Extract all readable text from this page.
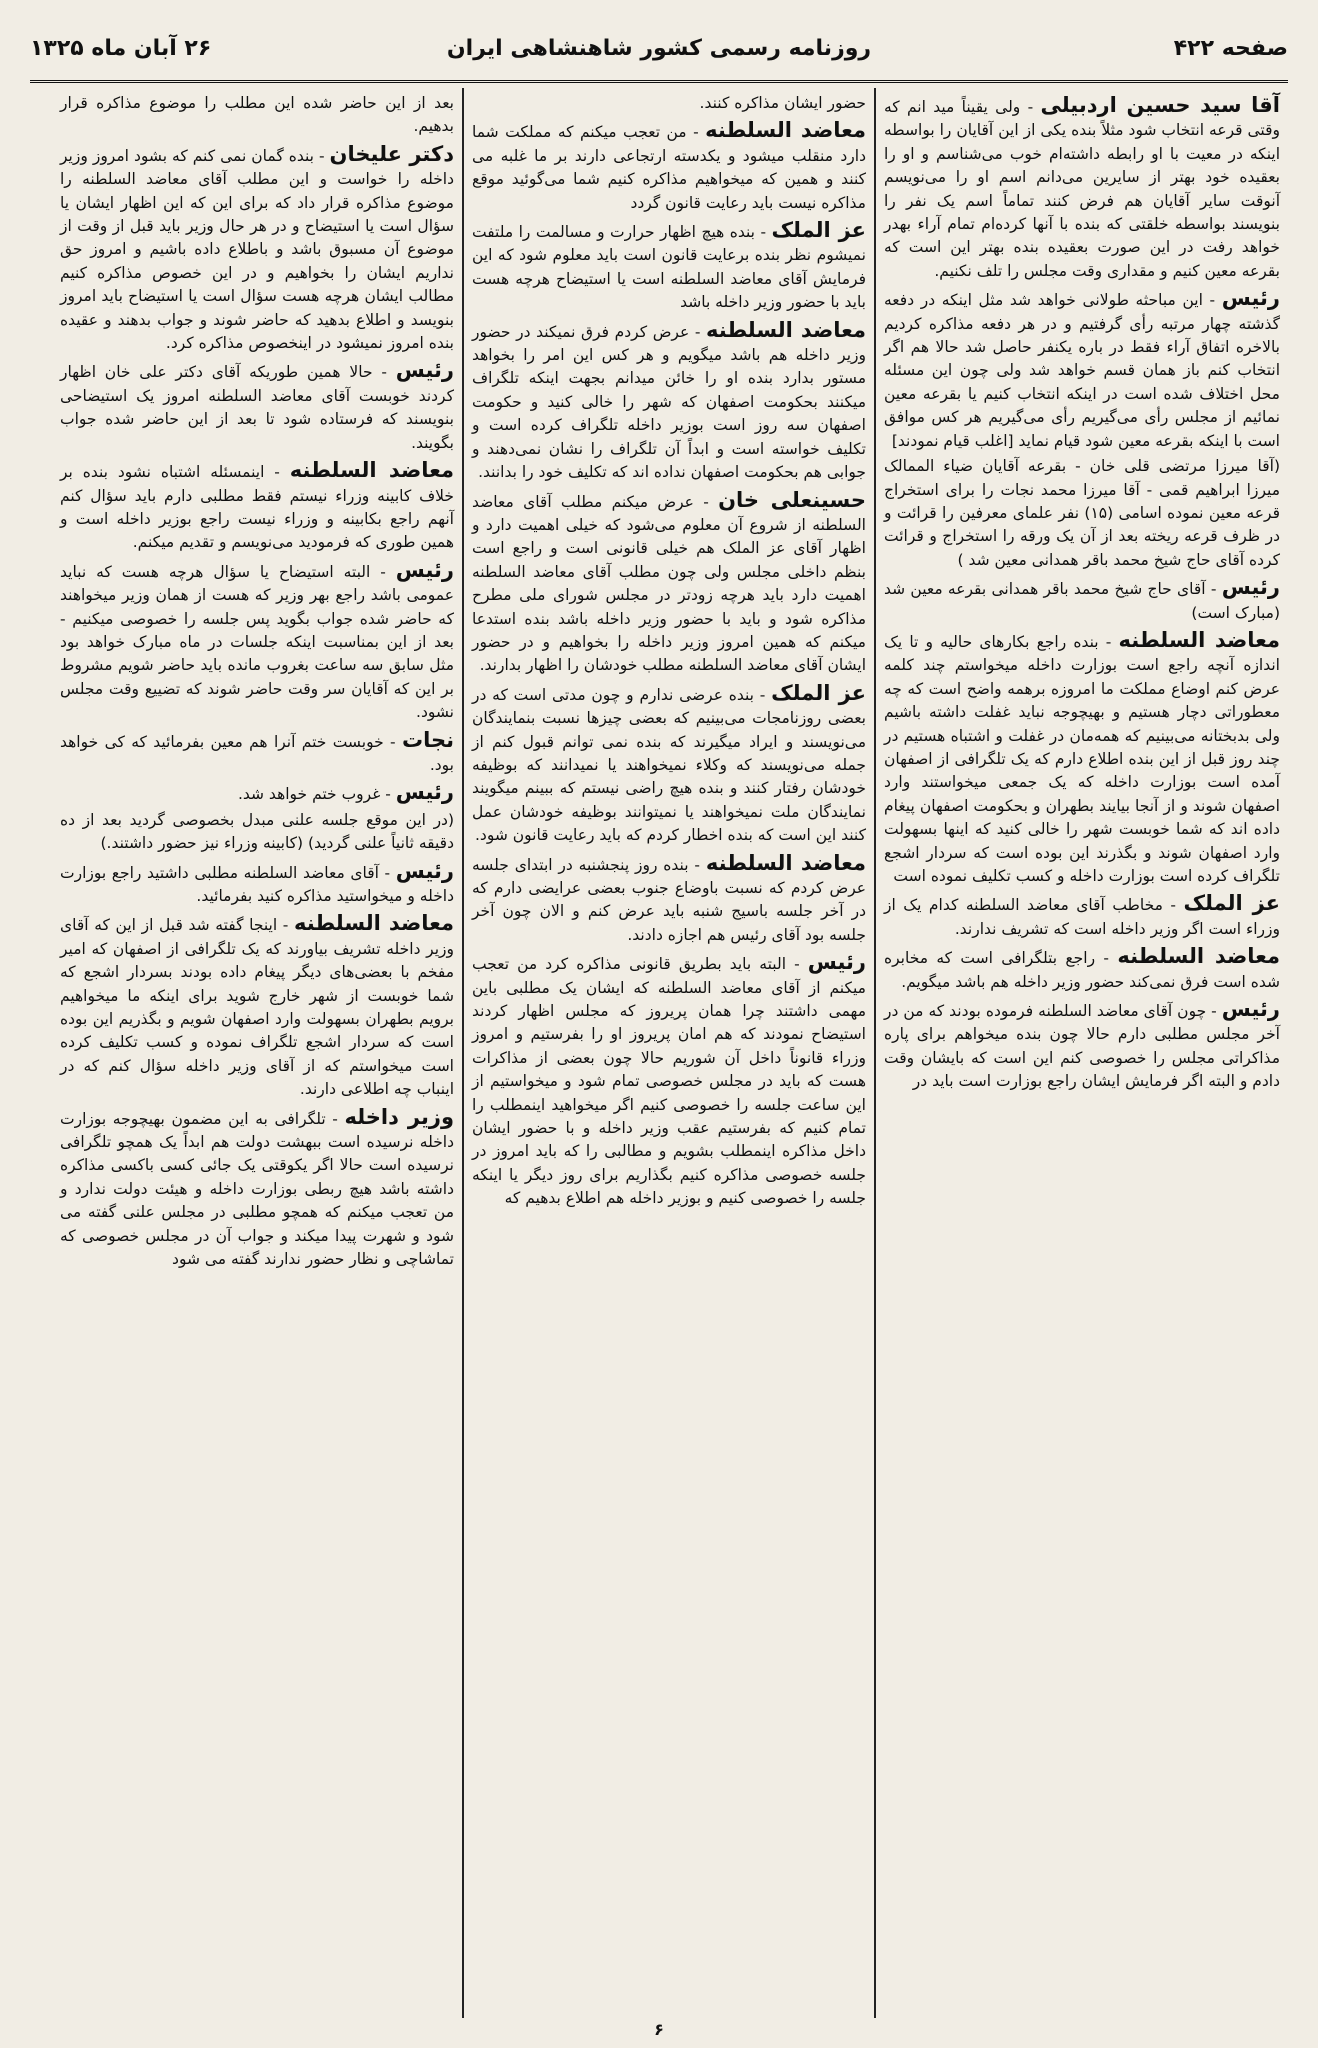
صفحه ۴۲۲
روزنامه رسمی کشور شاهنشاهی ایران
۲۶ آبان ماه ۱۳۲۵

آقا سید حسین اردبیلی - ولی یقیناً مید انم که وقتی قرعه انتخاب شود مثلاً بنده یکی از این آقایان را بواسطه اینکه در معیت با او رابطه داشته‌ام خوب می‌شناسم و او را بعقیده خود بهتر از سایرین می‌دانم اسم او را می‌نویسم آنوقت سایر آقایان هم فرض کنند تماماً اسم یک نفر را بنویسند بواسطه خلقتی که بنده با آنها کرده‌ام تمام آراء بهدر خواهد رفت در این صورت بعقیده بنده بهتر این است که بقرعه معین کنیم و مقداری وقت مجلس را تلف نکنیم.

رئیس - این مباحثه طولانی خواهد شد مثل اینکه در دفعه گذشته چهار مرتبه رأی گرفتیم و در هر دفعه مذاکره کردیم بالاخره اتفاق آراء فقط در باره یکنفر حاصل شد حالا هم اگر انتخاب کنم باز همان قسم خواهد شد ولی چون این مسئله محل اختلاف شده است در اینکه انتخاب کنیم یا بقرعه معین نمائیم از مجلس رأی می‌گیریم رأی می‌گیریم هر کس موافق است با اینکه بقرعه معین شود قیام نماید [اغلب قیام نمودند]

(آقا میرزا مرتضی قلی خان - بقرعه آقایان ضیاء الممالک میرزا ابراهیم قمی - آقا میرزا محمد نجات را برای استخراج قرعه معین نموده اسامی (۱۵) نفر علمای معرفین را قرائت و در ظرف قرعه ریخته بعد از آن یک ورقه را استخراج و قرائت کرده آقای حاج شیخ محمد باقر همدانی معین شد )

رئیس - آقای حاج شیخ محمد باقر همدانی بقرعه معین شد (مبارک است)

معاضد السلطنه - بنده راجع بکارهای حالیه و تا یک اندازه آنچه راجع است بوزارت داخله میخواستم چند کلمه عرض کنم اوضاع مملکت ما امروزه برهمه واضح است که چه معطوراتی دچار هستیم و بهیچوجه نباید غفلت داشته باشیم ولی بدبختانه می‌بینیم که همه‌مان در غفلت و اشتباه هستیم در چند روز قبل از این بنده اطلاع دارم که یک تلگرافی از اصفهان آمده است بوزارت داخله که یک جمعی میخواستند وارد اصفهان شوند و از آنجا بیایند بطهران و بحکومت اصفهان پیغام داده اند که شما خوبست شهر را خالی کنید که اینها بسهولت وارد اصفهان شوند و بگذرند این بوده است که سردار اشجع تلگراف کرده است بوزارت داخله و کسب تکلیف نموده است

عز الملک - مخاطب آقای معاضد السلطنه کدام یک از وزراء است اگر وزیر داخله است که تشریف ندارند.

معاضد السلطنه - راجع بتلگرافی است که مخابره شده است فرق نمی‌کند حضور وزیر داخله هم باشد میگویم.

رئیس - چون آقای معاضد السلطنه فرموده بودند که من در آخر مجلس مطلبی دارم حالا چون بنده میخواهم برای پاره مذاکراتی مجلس را خصوصی کنم این است که بایشان وقت دادم و البته اگر فرمایش ایشان راجع بوزارت است باید در

حضور ایشان مذاکره کنند.

معاضد السلطنه - من تعجب میکنم که مملکت شما دارد منقلب میشود و یکدسته ارتجاعی دارند بر ما غلبه می کنند و همین که میخواهیم مذاکره کنیم شما می‌گوئید موقع مذاکره نیست باید رعایت قانون گردد

عز الملک - بنده هیچ اظهار حرارت و مسالمت را ملتفت نمیشوم نظر بنده برعایت قانون است باید معلوم شود که این فرمایش آقای معاضد السلطنه است یا استیضاح هرچه هست باید با حضور وزیر داخله باشد

معاضد السلطنه - عرض کردم فرق نمیکند در حضور وزیر داخله هم باشد میگویم و هر کس این امر را بخواهد مستور بدارد بنده او را خائن میدانم بجهت اینکه تلگراف میکنند بحکومت اصفهان که شهر را خالی کنید و حکومت اصفهان سه روز است بوزیر داخله تلگراف کرده است و تکلیف خواسته است و ابداً آن تلگراف را نشان نمی‌دهند و جوابی هم بحکومت اصفهان نداده اند که تکلیف خود را بدانند.

حسینعلی خان - عرض میکنم مطلب آقای معاضد السلطنه از شروع آن معلوم می‌شود که خیلی اهمیت دارد و اظهار آقای عز الملک هم خیلی قانونی است و راجع است بنظم داخلی مجلس ولی چون مطلب آقای معاضد السلطنه اهمیت دارد باید هرچه زودتر در مجلس شورای ملی مطرح مذاکره شود و باید با حضور وزیر داخله باشد بنده استدعا میکنم که همین امروز وزیر داخله را بخواهیم و در حضور ایشان آقای معاضد السلطنه مطلب خودشان را اظهار بدارند.

عز الملک - بنده عرضی ندارم و چون مدتی است که در بعضی روزنامجات می‌بینیم که بعضی چیزها نسبت بنمایندگان می‌نویسند و ایراد میگیرند که بنده نمی توانم قبول کنم از جمله می‌نویسند که وکلاء نمیخواهند یا نمیدانند که بوظیفه خودشان رفتار کنند و بنده هیچ راضی نیستم که ببینم میگویند نمایندگان ملت نمیخواهند یا نمیتوانند بوظیفه خودشان عمل کنند این است که بنده اخطار کردم که باید رعایت قانون شود.

معاضد السلطنه - بنده روز پنجشنبه در ابتدای جلسه عرض کردم که نسبت باوضاع جنوب بعضی عرایضی دارم که در آخر جلسه باسیج شنبه باید عرض کنم و الان چون آخر جلسه بود آقای رئیس هم اجازه دادند.

رئیس - البته باید بطریق قانونی مذاکره کرد من تعجب میکنم از آقای معاضد السلطنه که ایشان یک مطلبی باین مهمی داشتند چرا همان پریروز که مجلس اظهار کردند استیضاح نمودند که هم امان پریروز او را بفرستیم و امروز وزراء قانوناً داخل آن شوریم حالا چون بعضی از مذاکرات هست که باید در مجلس خصوصی تمام شود و میخواستیم از این ساعت جلسه را خصوصی کنیم اگر میخواهید اینمطلب را تمام کنیم که بفرستیم عقب وزیر داخله و با حضور ایشان داخل مذاکره اینمطلب بشویم و مطالبی را که باید امروز در جلسه خصوصی مذاکره کنیم بگذاریم برای روز دیگر یا اینکه جلسه را خصوصی کنیم و بوزیر داخله هم اطلاع بدهیم که

بعد از این حاضر شده این مطلب را موضوع مذاکره قرار بدهیم.

دکتر علیخان - بنده گمان نمی کنم که بشود امروز وزیر داخله را خواست و این مطلب آقای معاضد السلطنه را موضوع مذاکره قرار داد که برای این که این اظهار ایشان یا سؤال است یا استیضاح و در هر حال وزیر باید قبل از وقت از موضوع آن مسبوق باشد و باطلاع داده باشیم و امروز حق نداریم ایشان را بخواهیم و در این خصوص مذاکره کنیم مطالب ایشان هرچه هست سؤال است یا استیضاح باید امروز بنویسد و اطلاع بدهید که حاضر شوند و جواب بدهند و عقیده بنده امروز نمیشود در اینخصوص مذاکره کرد.

رئیس - حالا همین طوریکه آقای دکتر علی خان اظهار کردند خوبست آقای معاضد السلطنه امروز یک استیضاحی بنویسند که فرستاده شود تا بعد از این حاضر شده جواب بگویند.

معاضد السلطنه - اینمسئله اشتباه نشود بنده بر خلاف کابینه وزراء نیستم فقط مطلبی دارم باید سؤال کنم آنهم راجع بکابینه و وزراء نیست راجع بوزیر داخله است و همین طوری که فرمودید می‌نویسم و تقدیم میکنم.

رئیس - البته استیضاح یا سؤال هرچه هست که نباید عمومی باشد راجع بهر وزیر که هست از همان وزیر میخواهند که حاضر شده جواب بگوید پس جلسه را خصوصی میکنیم - بعد از این بمناسبت اینکه جلسات در ماه مبارک خواهد بود مثل سابق سه ساعت بغروب مانده باید حاضر شویم مشروط بر این که آقایان سر وقت حاضر شوند که تضییع وقت مجلس نشود.

نجات - خوبست ختم آنرا هم معین بفرمائید که کی خواهد بود.

رئیس - غروب ختم خواهد شد.

(در این موقع جلسه علنی مبدل بخصوصی گردید بعد از ده دقیقه ثانیاً علنی گردید) (کابینه وزراء نیز حضور داشتند.)

رئیس - آقای معاضد السلطنه مطلبی داشتید راجع بوزارت داخله و میخواستید مذاکره کنید بفرمائید.

معاضد السلطنه - اینجا گفته شد قبل از این که آقای وزیر داخله تشریف بیاورند که یک تلگرافی از اصفهان که امیر مفخم با بعضی‌های دیگر پیغام داده بودند بسردار اشجع که شما خوبست از شهر خارج شوید برای اینکه ما میخواهیم برویم بطهران بسهولت وارد اصفهان شویم و بگذریم این بوده است که سردار اشجع تلگراف نموده و کسب تکلیف کرده است میخواستم که از آقای وزیر داخله سؤال کنم که در اینباب چه اطلاعی دارند.

وزیر داخله - تلگرافی به این مضمون بهیچوجه بوزارت داخله نرسیده است ببهشت دولت هم ابداً یک همچو تلگرافی نرسیده است حالا اگر یکوقتی یک جائی کسی باکسی مذاکره داشته باشد هیچ ربطی بوزارت داخله و هیئت دولت ندارد و من تعجب میکنم که همچو مطلبی در مجلس علنی گفته می شود و شهرت پیدا میکند و جواب آن در مجلس خصوصی که تماشاچی و نظار حضور ندارند گفته می شود

۶
